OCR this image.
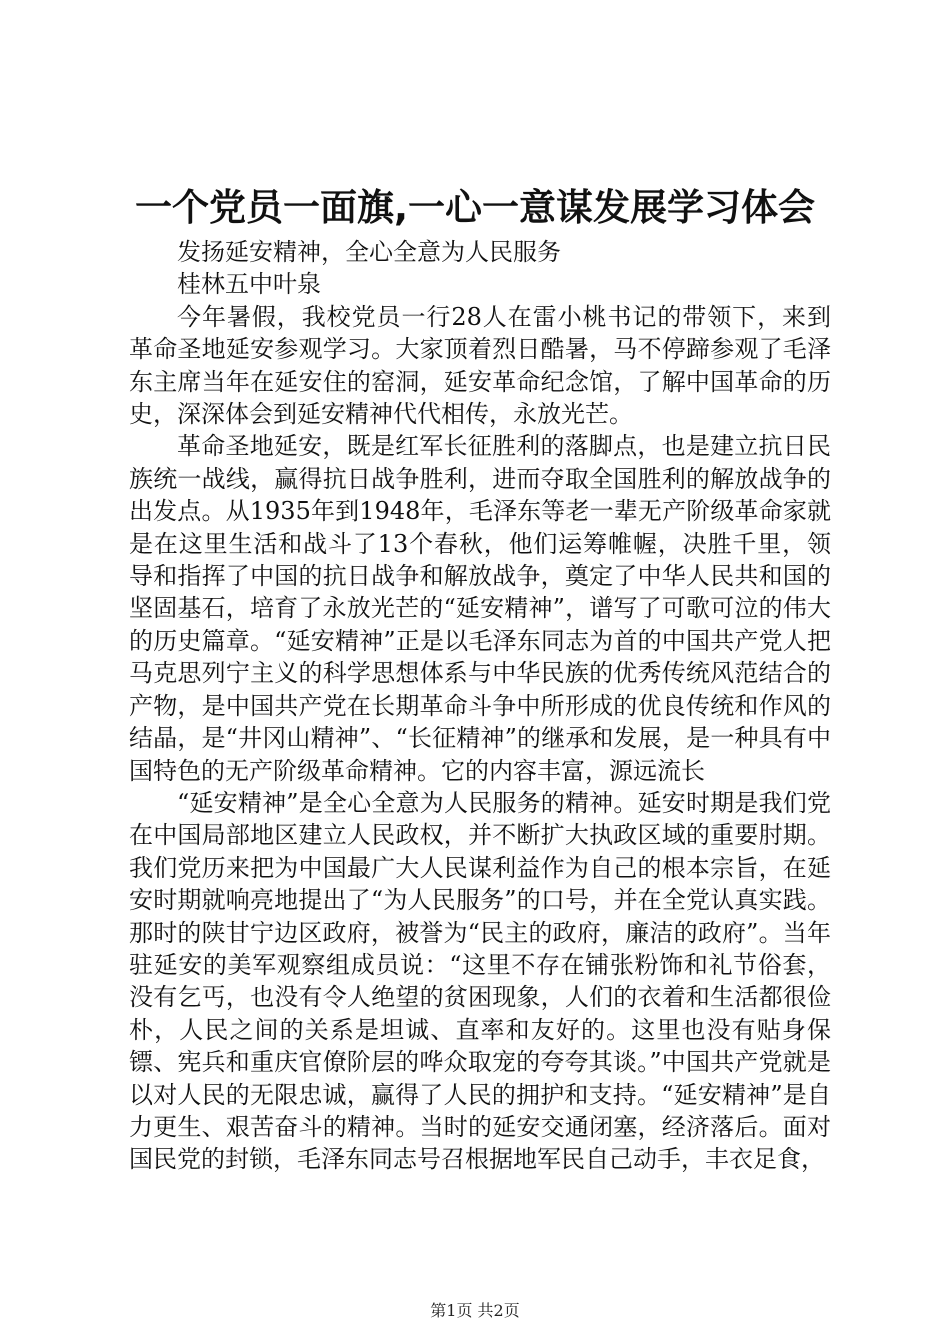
一个党员一面旗,一心一意谋发展学习体会

发扬延安精神，全心全意为人民服务

桂林五中叶泉

今年暑假，我校党员一行28人在雷小桃书记的带领下，来到革命圣地延安参观学习。大家顶着烈日酷暑，马不停蹄参观了毛泽东主席当年在延安住的窑洞，延安革命纪念馆，了解中国革命的历史，深深体会到延安精神代代相传，永放光芒。

革命圣地延安，既是红军长征胜利的落脚点，也是建立抗日民族统一战线，赢得抗日战争胜利，进而夺取全国胜利的解放战争的出发点。从1935年到1948年，毛泽东等老一辈无产阶级革命家就是在这里生活和战斗了13个春秋，他们运筹帷幄，决胜千里，领导和指挥了中国的抗日战争和解放战争，奠定了中华人民共和国的坚固基石，培育了永放光芒的“延安精神”，谱写了可歌可泣的伟大的历史篇章。“延安精神”正是以毛泽东同志为首的中国共产党人把马克思列宁主义的科学思想体系与中华民族的优秀传统风范结合的产物，是中国共产党在长期革命斗争中所形成的优良传统和作风的结晶，是“井冈山精神”、“长征精神”的继承和发展，是一种具有中国特色的无产阶级革命精神。它的内容丰富，源远流长

“延安精神”是全心全意为人民服务的精神。延安时期是我们党在中国局部地区建立人民政权，并不断扩大执政区域的重要肘期。我们党历来把为中国最广大人民谋利益作为自己的根本宗旨，在延安时期就响亮地提出了“为人民服务”的口号，并在全党认真实践。那时的陕甘宁边区政府，被誉为“民主的政府，廉洁的政府”。当年驻延安的美军观察组成员说：“这里不存在铺张粉饰和礼节俗套，没有乞丐，也没有令人绝望的贫困现象，人们的衣着和生活都很俭朴，人民之间的关系是坦诚、直率和友好的。这里也没有贴身保镖、宪兵和重庆官僚阶层的哗众取宠的夸夸其谈。”中国共产党就是以对人民的无限忠诚，赢得了人民的拥护和支持。“延安精神”是自力更生、艰苦奋斗的精神。当时的延安交通闭塞，经济落后。面对国民党的封锁，毛泽东同志号召根据地军民自己动手，丰衣足食，

第1页 共2页
